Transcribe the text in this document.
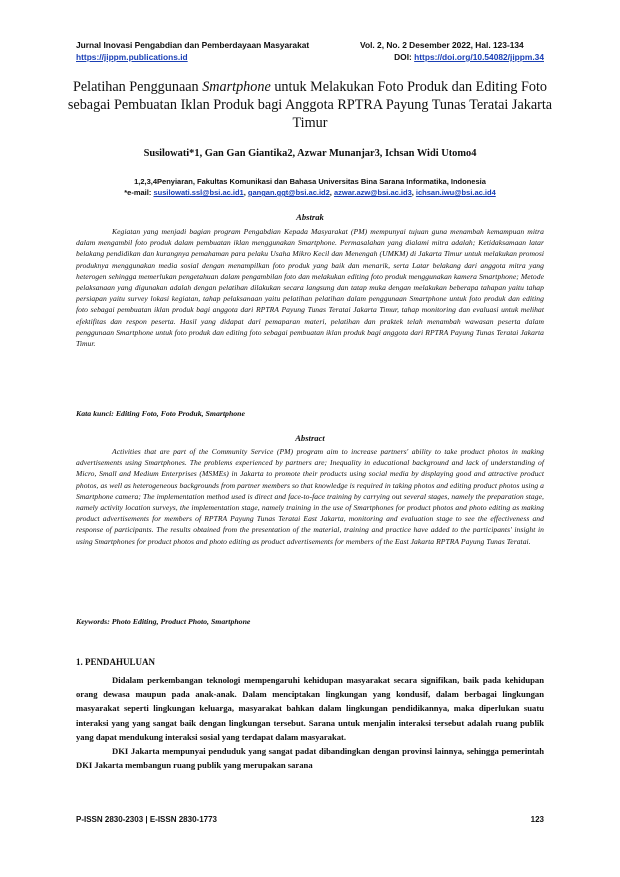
Jurnal Inovasi Pengabdian dan Pemberdayaan Masyarakat	Vol. 2, No. 2 Desember 2022, Hal. 123-134
https://jippm.publications.id	DOI: https://doi.org/10.54082/jippm.34
Pelatihan Penggunaan Smartphone untuk Melakukan Foto Produk dan Editing Foto sebagai Pembuatan Iklan Produk bagi Anggota RPTRA Payung Tunas Teratai Jakarta Timur
Susilowati*1, Gan Gan Giantika2, Azwar Munanjar3, Ichsan Widi Utomo4
1,2,3,4Penyiaran, Fakultas Komunikasi dan Bahasa Universitas Bina Sarana Informatika, Indonesia
*e-mail: susilowati.ssl@bsi.ac.id1, gangan.ggt@bsi.ac.id2, azwar.azw@bsi.ac.id3, ichsan.iwu@bsi.ac.id4
Abstrak

Kegiatan yang menjadi bagian program Pengabdian Kepada Masyarakat (PM) mempunyai tujuan guna menambah kemampuan mitra dalam mengambil foto produk dalam pembuatan iklan menggunakan Smartphone. Permasalahan yang dialami mitra adalah; Ketidaksamaan latar belakang pendidikan dan kurangnya pemahaman para pelaku Usaha Mikro Kecil dan Menengah (UMKM) di Jakarta Timur untuk melakukan promosi produknya menggunakan media sosial dengan menampilkan foto produk yang baik dan menarik, serta Latar belakang dari anggota mitra yang heterogen sehingga memerlukan pengetahuan dalam pengambilan foto dan melakukan editing foto produk menggunakan kamera Smartphone; Metode pelaksanaan yang digunakan adalah dengan pelatihan dilakukan secara langsung dan tatap muka dengan melakukan beberapa tahapan yaitu tahap persiapan yaitu survey lokasi kegiatan, tahap pelaksanaan yaitu pelatihan pelatihan dalam penggunaan Smartphone untuk foto produk dan editing foto sebagai pembuatan iklan produk bagi anggota dari RPTRA Payung Tunas Teratai Jakarta Timur, tahap monitoring dan evaluasi untuk melihat efektifitas dan respon peserta. Hasil yang didapat dari pemaparan materi, pelatihan dan praktek telah menambah wawasan peserta dalam penggunaan Smartphone untuk foto produk dan editing foto sebagai pembuatan iklan produk bagi anggota dari RPTRA Payung Tunas Teratai Jakarta Timur.

Kata kunci: Editing Foto, Foto Produk, Smartphone
Abstract

Activities that are part of the Community Service (PM) program aim to increase partners' ability to take product photos in making advertisements using Smartphones. The problems experienced by partners are; Inequality in educational background and lack of understanding of Micro, Small and Medium Enterprises (MSMEs) in Jakarta to promote their products using social media by displaying good and attractive product photos, as well as heterogeneous backgrounds from partner members so that knowledge is required in taking photos and editing product photos using a Smartphone camera; The implementation method used is direct and face-to-face training by carrying out several stages, namely the preparation stage, namely activity location surveys, the implementation stage, namely training in the use of Smartphones for product photos and photo editing as making product advertisements for members of RPTRA Payung Tunas Teratai East Jakarta, monitoring and evaluation stage to see the effectiveness and response of participants. The results obtained from the presentation of the material, training and practice have added to the participants' insight in using Smartphones for product photos and photo editing as product advertisements for members of the East Jakarta RPTRA Payung Tunas Teratai.

Keywords: Photo Editing, Product Photo, Smartphone
1. PENDAHULUAN

Didalam perkembangan teknologi mempengaruhi kehidupan masyarakat secara signifikan, baik pada kehidupan orang dewasa maupun pada anak-anak. Dalam menciptakan lingkungan yang kondusif, dalam berbagai lingkungan masyarakat seperti lingkungan keluarga, masyarakat bahkan dalam lingkungan pendidikannya, maka diperlukan suatu interaksi yang yang sangat baik dengan lingkungan tersebut. Sarana untuk menjalin interaksi tersebut adalah ruang publik yang dapat mendukung interaksi sosial yang terdapat dalam masyarakat.

DKI Jakarta mempunyai penduduk yang sangat padat dibandingkan dengan provinsi lainnya, sehingga pemerintah DKI Jakarta membangun ruang publik yang merupakan sarana

P-ISSN 2830-2303 | E-ISSN 2830-1773	123
